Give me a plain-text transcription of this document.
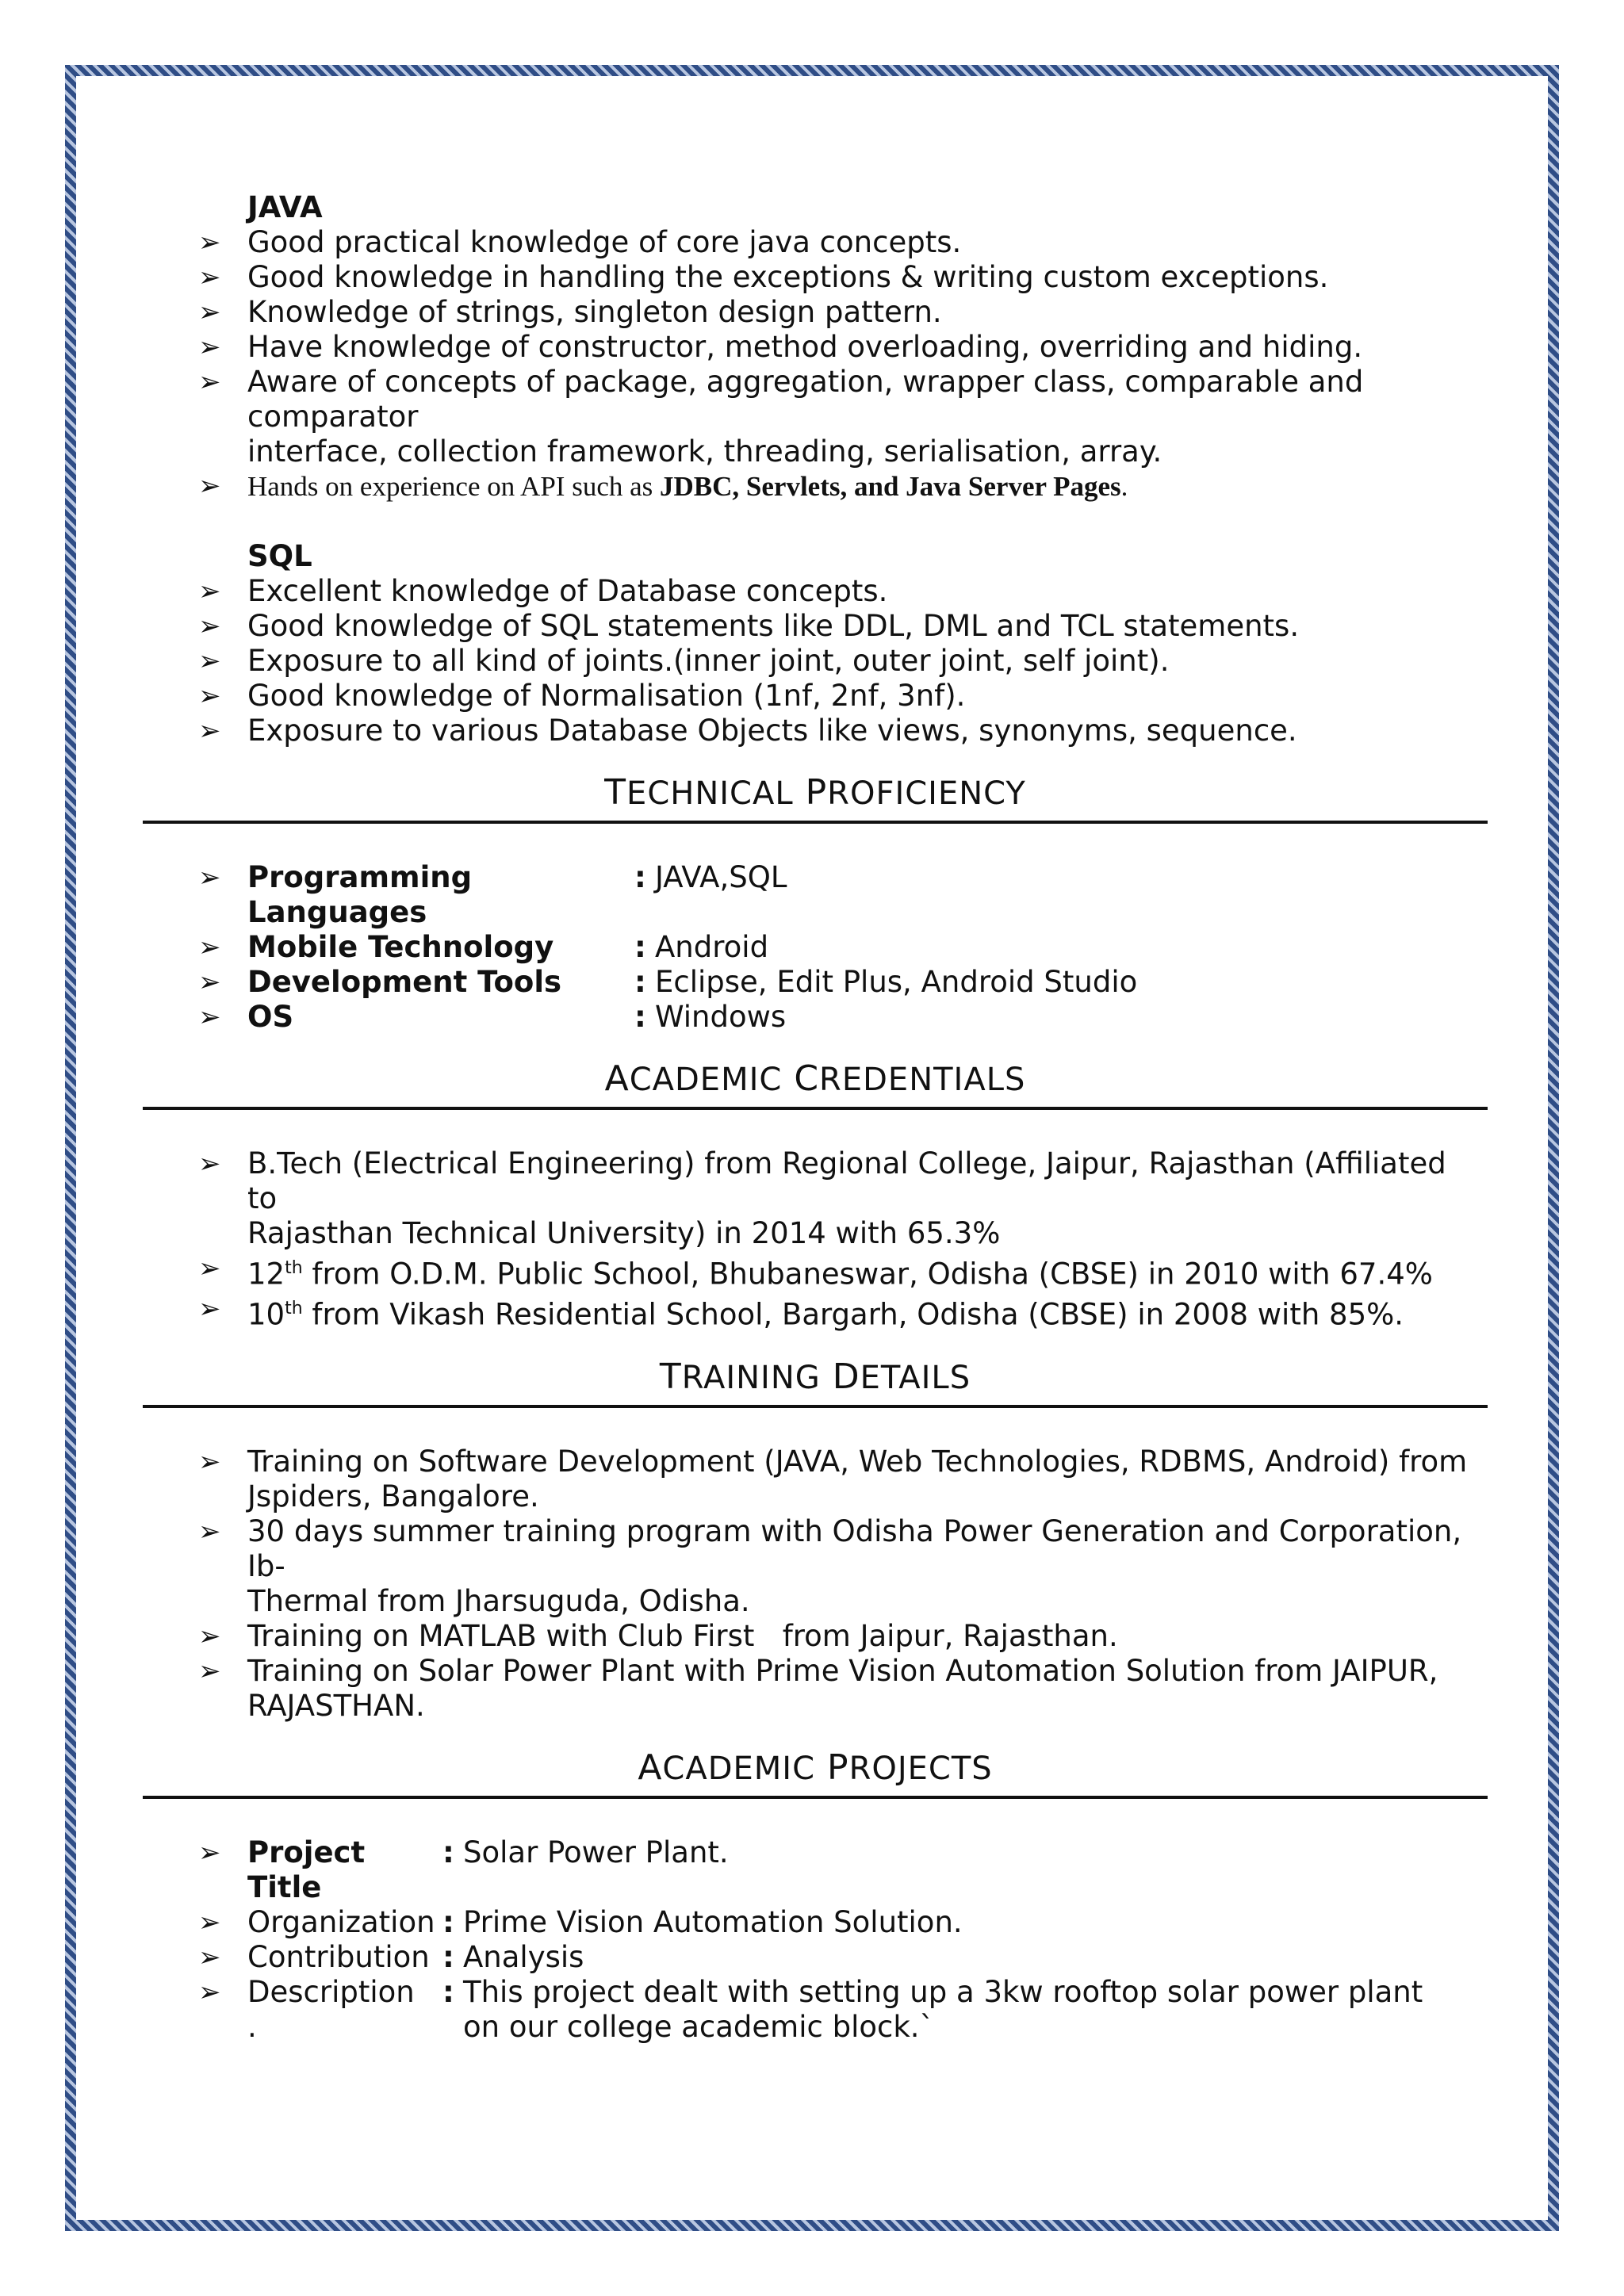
JAVA
➢ Good practical knowledge of core java concepts.
➢ Good knowledge in handling the exceptions & writing custom exceptions.
➢ Knowledge of strings, singleton design pattern.
➢ Have knowledge of constructor, method overloading, overriding and hiding.
➢ Aware of concepts of package, aggregation, wrapper class, comparable and comparator
interface, collection framework, threading, serialisation, array.
➢ Hands on experience on API such as JDBC, Servlets, and Java Server Pages.
SQL
➢ Excellent knowledge of Database concepts.
➢ Good knowledge of SQL statements like DDL, DML and TCL statements.
➢ Exposure to all kind of joints.(inner joint, outer joint, self joint).
➢ Good knowledge of Normalisation (1nf, 2nf, 3nf).
➢ Exposure to various Database Objects like views, synonyms, sequence.
TECHNICAL PROFICIENCY
➢ Programming Languages
: JAVA,SQL
➢ Mobile Technology	: Android
➢ Development Tools	: Eclipse, Edit Plus, Android Studio
➢ OS	: Windows
ACADEMIC CREDENTIALS
➢ B.Tech (Electrical Engineering) from Regional College, Jaipur, Rajasthan (Affiliated to
Rajasthan Technical University) in 2014 with 65.3%
➢ 12th from O.D.M. Public School, Bhubaneswar, Odisha (CBSE) in 2010 with 67.4%
➢ 10th from Vikash Residential School, Bargarh, Odisha (CBSE) in 2008 with 85%.
TRAINING DETAILS
➢ Training on Software Development (JAVA, Web Technologies, RDBMS, Android) from
Jspiders, Bangalore.
➢ 30 days summer training program with Odisha Power Generation and Corporation, Ib-
Thermal from Jharsuguda, Odisha.
➢ Training on MATLAB with Club First   from Jaipur, Rajasthan.
➢ Training on Solar Power Plant with Prime Vision Automation Solution from JAIPUR,
RAJASTHAN.
ACADEMIC PROJECTS
➢ Project Title
: Solar Power Plant.
➢ Organization : Prime Vision Automation Solution.
➢ Contribution : Analysis
➢ Description : This project dealt with setting up a 3kw rooftop solar power plant
.	on our college academic block.`
